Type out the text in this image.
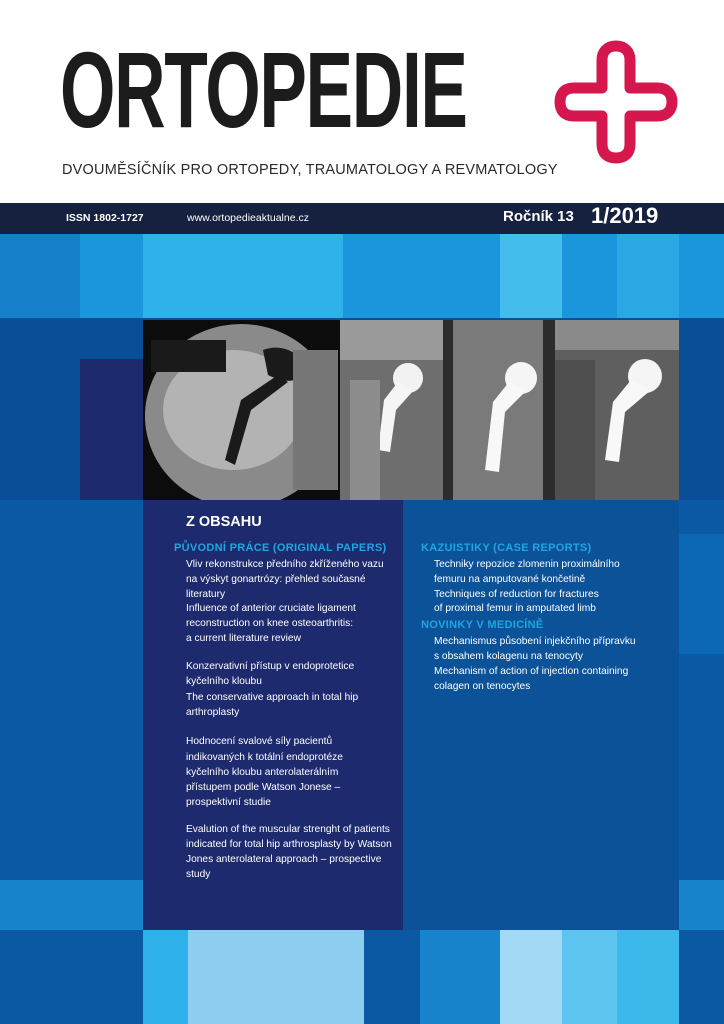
ORTOPEDIE
DVOUMĚSÍČNÍK PRO ORTOPEDY, TRAUMATOLOGY A REVMATOLOGY
ISSN 1802-1727	www.ortopedieaktualne.cz	Ročník 13 1/2019
Z OBSAHU
PŮVODNÍ PRÁCE (ORIGINAL PAPERS)
Vliv rekonstrukce předního zkříženého vazu
na výskyt gonartrózy: přehled současné
literatury
Influence of anterior cruciate ligament
reconstruction on knee osteoarthritis:
a current literature review
Konzervativní přístup v endoprotetice
kyčelního kloubu
The conservative approach in total hip
arthroplasty
Hodnocení svalové síly pacientů
indikovaných k totální endoprotéze
kyčelního kloubu anterolaterálním
přístupem podle Watson Jonese –
prospektivní studie
Evalution of the muscular strenght of patients
indicated for total hip arthrosplasty by Watson
Jones anterolateral approach – prospective
study
KAZUISTIKY (CASE REPORTS)
Techniky repozice zlomenin proximálního
femuru na amputované končetině
Techniques of reduction for fractures
of proximal femur in amputated limb
NOVINKY V MEDICÍNĚ
Mechanismus působení injekčního přípravku
s obsahem kolagenu na tenocyty
Mechanism of action of injection containing
colagen on tenocytes
